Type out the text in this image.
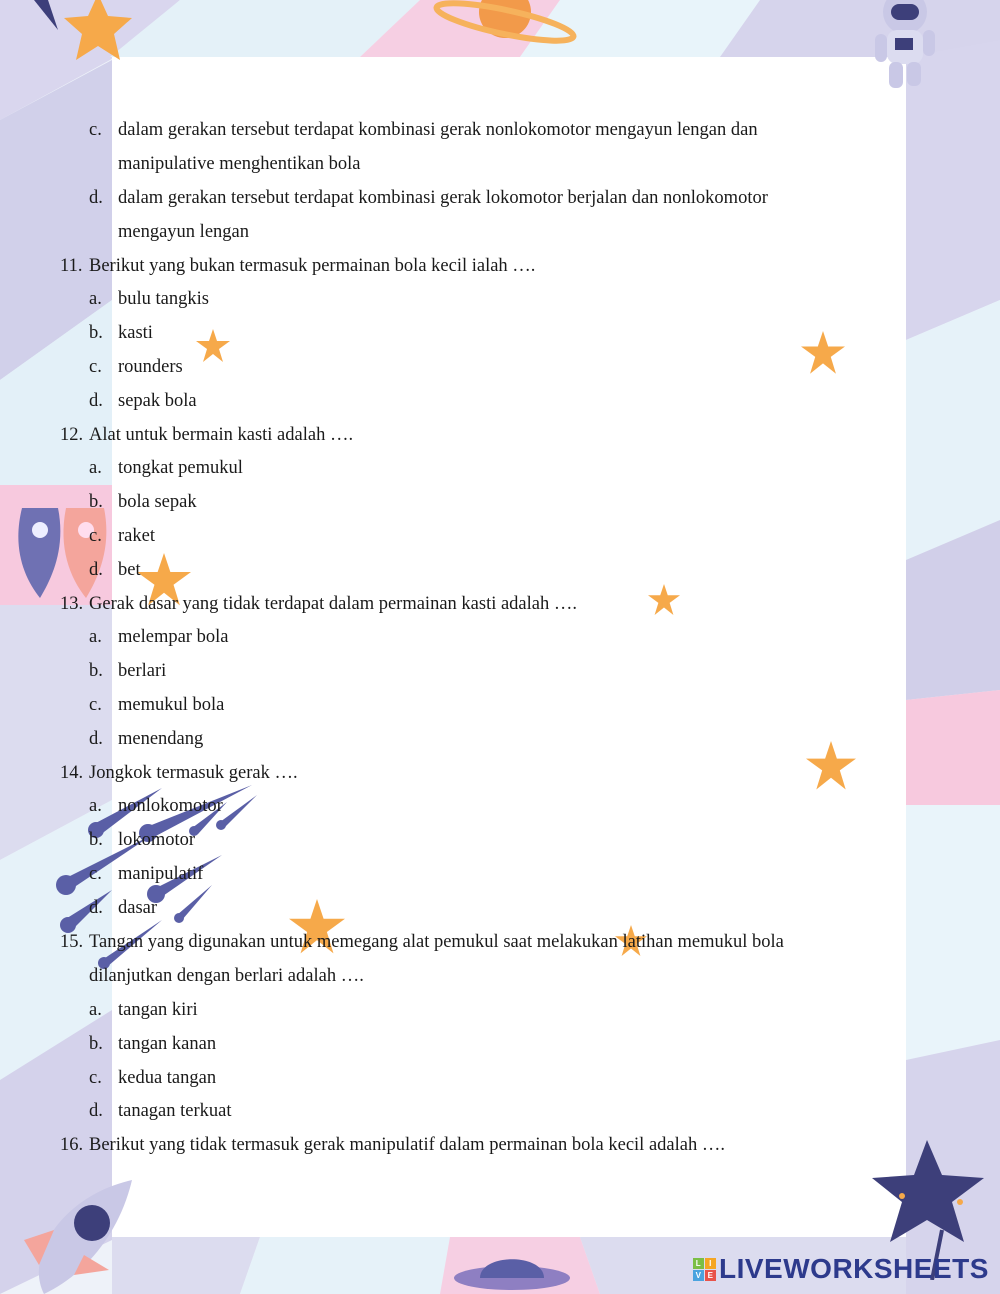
c. dalam gerakan tersebut terdapat kombinasi gerak nonlokomotor mengayun lengan dan
manipulative menghentikan bola
d. dalam gerakan tersebut terdapat kombinasi gerak lokomotor berjalan dan nonlokomotor
mengayun lengan
11. Berikut yang bukan termasuk permainan bola kecil ialah ….
a. bulu tangkis
b. kasti
c. rounders
d. sepak bola
12. Alat untuk bermain kasti adalah ….
a. tongkat pemukul
b. bola sepak
c. raket
d. bet
13. Gerak dasar yang tidak terdapat dalam permainan kasti adalah ….
a. melempar bola
b. berlari
c. memukul bola
d. menendang
14. Jongkok termasuk gerak ….
a. nonlokomotor
b. lokomotor
c. manipulatif
d. dasar
15. Tangan yang digunakan untuk memegang alat pemukul saat melakukan latihan memukul bola
dilanjutkan dengan berlari adalah ….
a. tangan kiri
b. tangan kanan
c. kedua tangan
d. tanagan terkuat
16. Berikut yang tidak termasuk gerak manipulatif dalam permainan bola kecil adalah ….
L I
V E LIVEWORKSHEETS
